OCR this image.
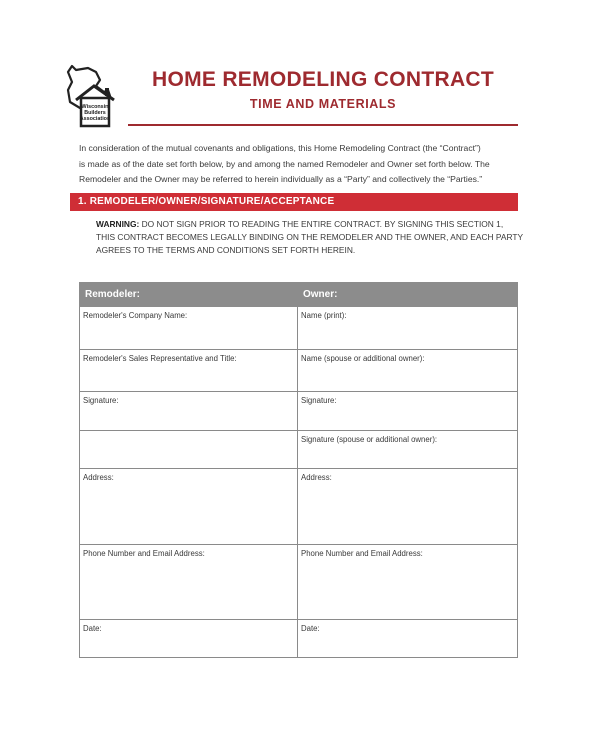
Wisconsin
Builders
Association
HOME REMODELING CONTRACT
TIME AND MATERIALS
In consideration of the mutual covenants and obligations, this Home Remodeling Contract (the “Contract”)
is made as of the date set forth below, by and among the named Remodeler and Owner set forth below. The
Remodeler and the Owner may be referred to herein individually as a “Party” and collectively the “Parties.”
1. REMODELER/OWNER/SIGNATURE/ACCEPTANCE
WARNING: DO NOT SIGN PRIOR TO READING THE ENTIRE CONTRACT. BY SIGNING THIS SECTION 1,
THIS CONTRACT BECOMES LEGALLY BINDING ON THE REMODELER AND THE OWNER, AND EACH PARTY
AGREES TO THE TERMS AND CONDITIONS SET FORTH HEREIN.
Remodeler:	Owner:
Remodeler's Company Name:	Name (print):
Remodeler's Sales Representative and Title:	Name (spouse or additional owner):
Signature:	Signature:
	Signature (spouse or additional owner):
Address:	Address:
Phone Number and Email Address:	Phone Number and Email Address:
Date:	Date:
